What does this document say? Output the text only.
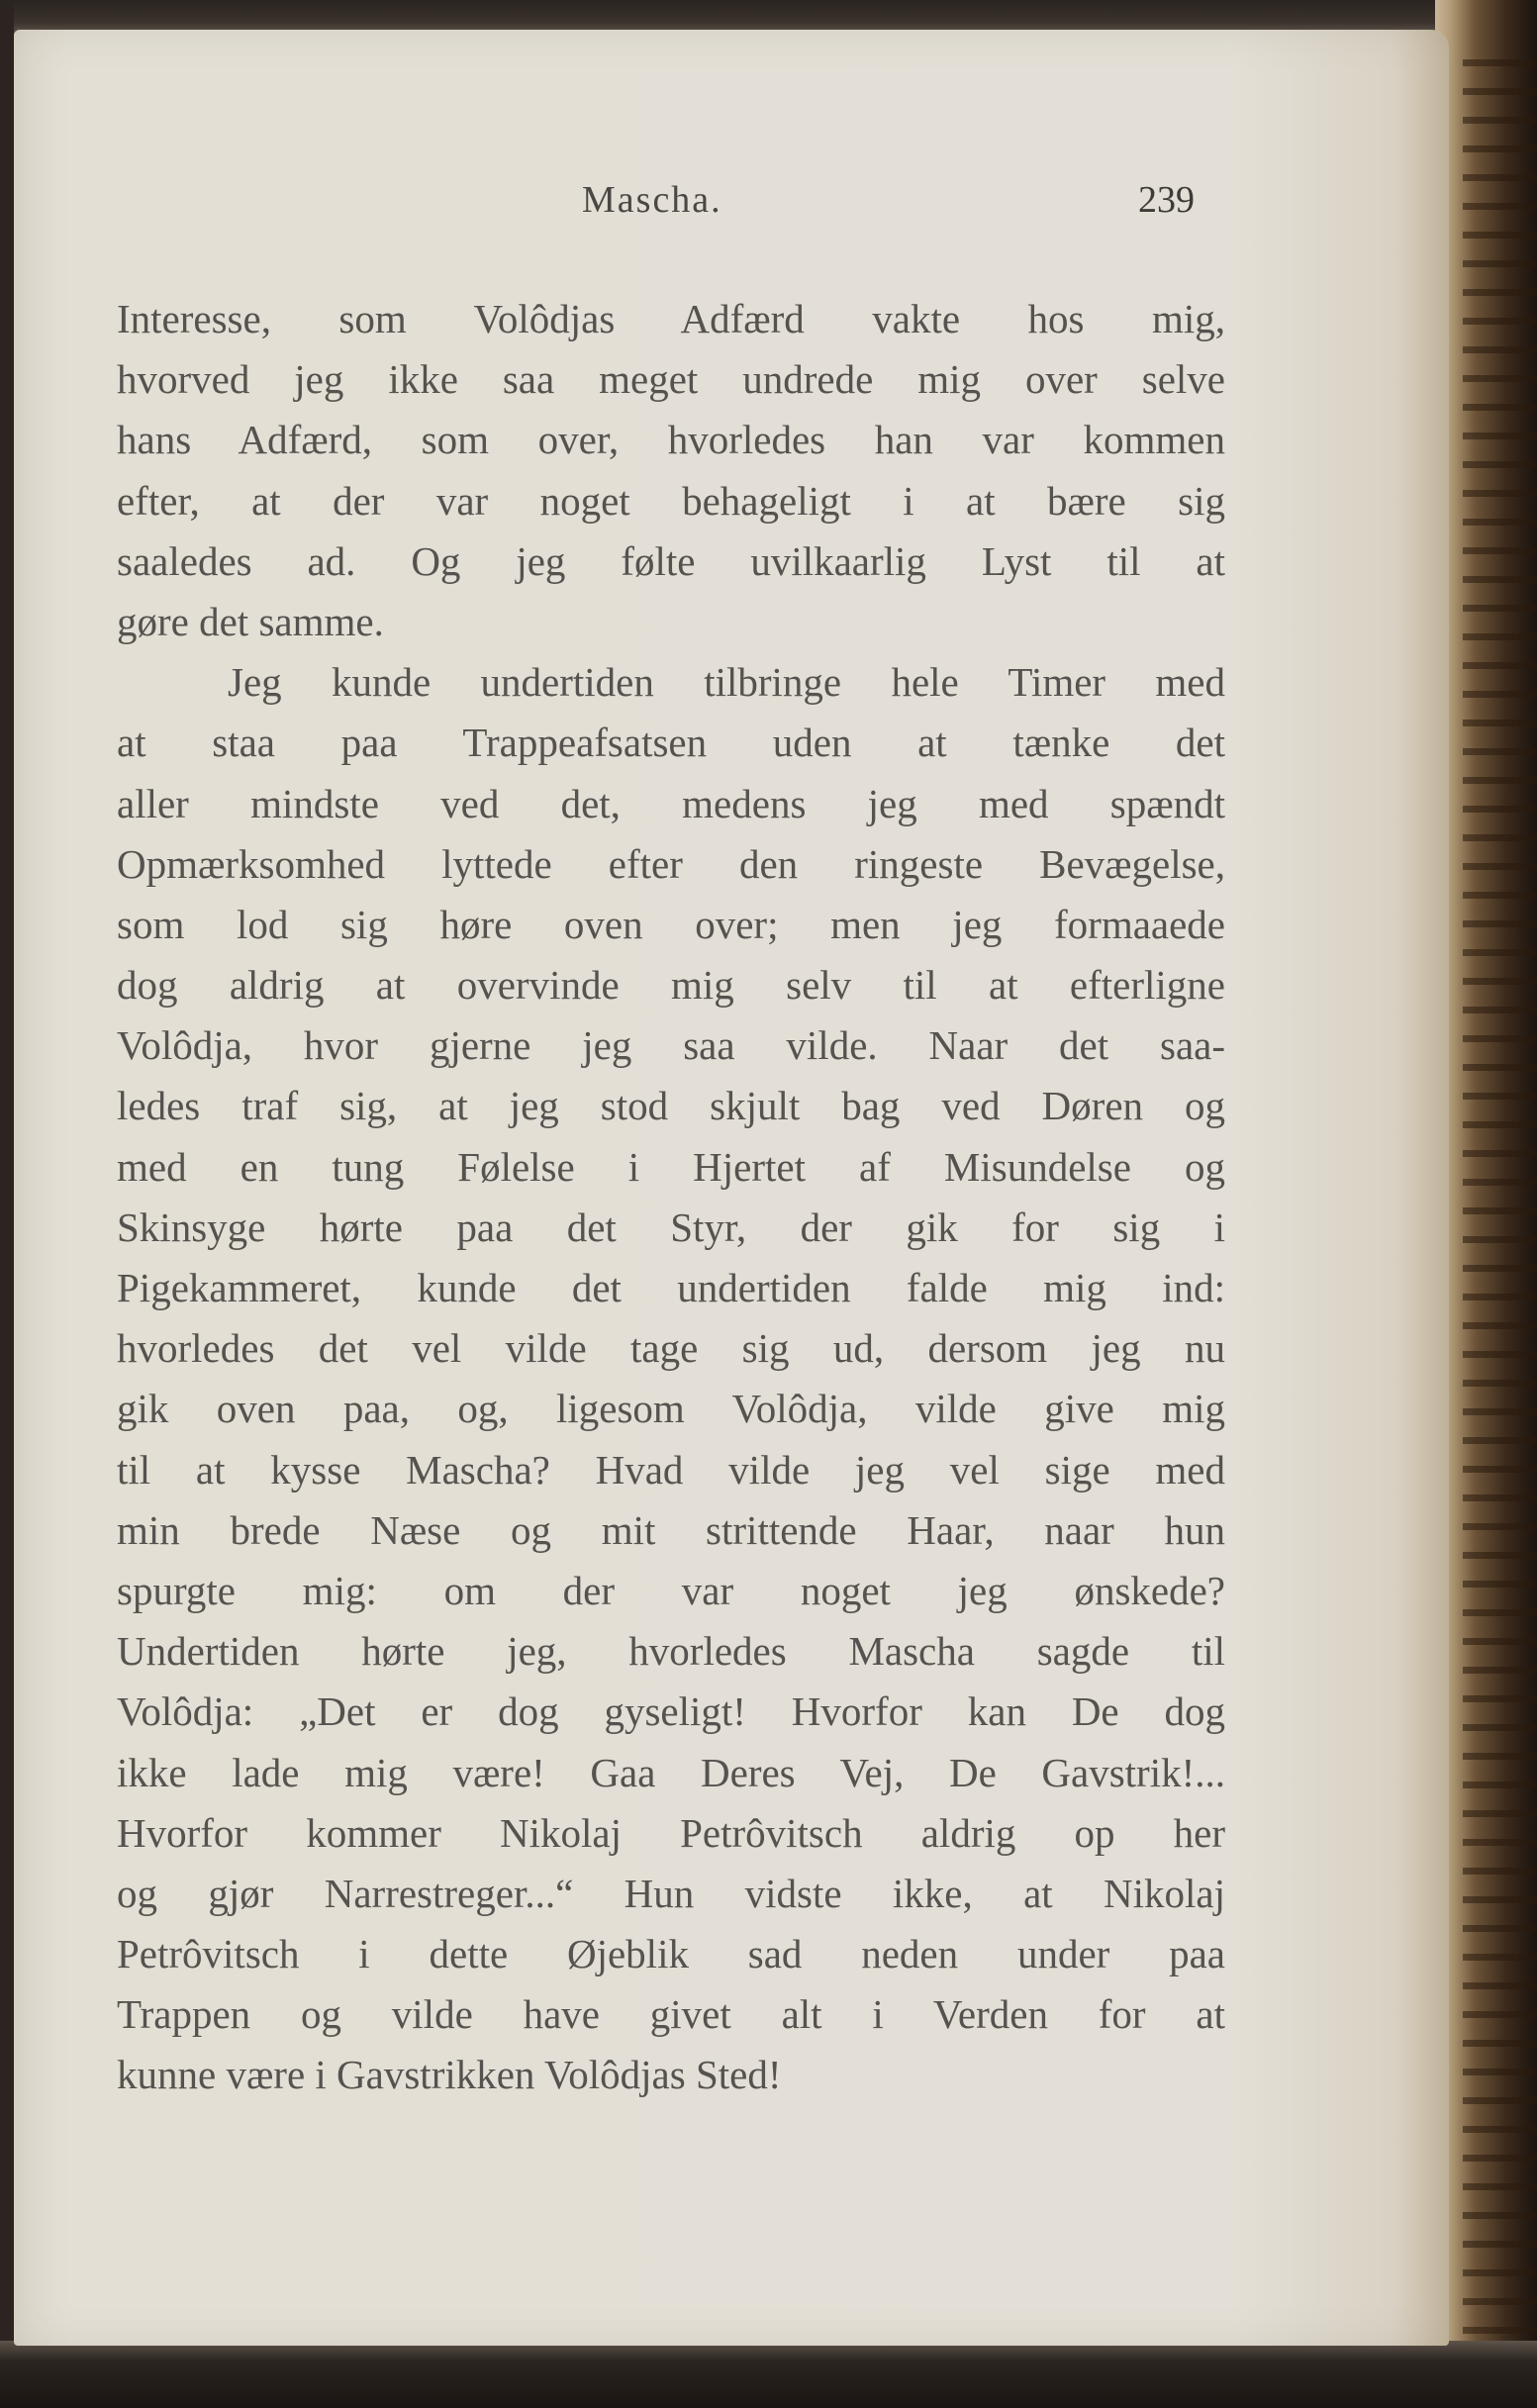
Mascha.	239
Interesse, som Volôdjas Adfærd vakte hos mig,
hvorved jeg ikke saa meget undrede mig over selve
hans Adfærd, som over, hvorledes han var kommen
efter, at der var noget behageligt i at bære sig
saaledes ad. Og jeg følte uvilkaarlig Lyst til at
gøre det samme.
Jeg kunde undertiden tilbringe hele Timer med
at staa paa Trappeafsatsen uden at tænke det
aller mindste ved det, medens jeg med spændt
Opmærksomhed lyttede efter den ringeste Bevægelse,
som lod sig høre oven over; men jeg formaaede
dog aldrig at overvinde mig selv til at efterligne
Volôdja, hvor gjerne jeg saa vilde. Naar det saa-
ledes traf sig, at jeg stod skjult bag ved Døren og
med en tung Følelse i Hjertet af Misundelse og
Skinsyge hørte paa det Styr, der gik for sig i
Pigekammeret, kunde det undertiden falde mig ind:
hvorledes det vel vilde tage sig ud, dersom jeg nu
gik oven paa, og, ligesom Volôdja, vilde give mig
til at kysse Mascha? Hvad vilde jeg vel sige med
min brede Næse og mit strittende Haar, naar hun
spurgte mig: om der var noget jeg ønskede?
Undertiden hørte jeg, hvorledes Mascha sagde til
Volôdja: „Det er dog gyseligt! Hvorfor kan De dog
ikke lade mig være! Gaa Deres Vej, De Gavstrik!...
Hvorfor kommer Nikolaj Petrôvitsch aldrig op her
og gjør Narrestreger...“ Hun vidste ikke, at Nikolaj
Petrôvitsch i dette Øjeblik sad neden under paa
Trappen og vilde have givet alt i Verden for at
kunne være i Gavstrikken Volôdjas Sted!
